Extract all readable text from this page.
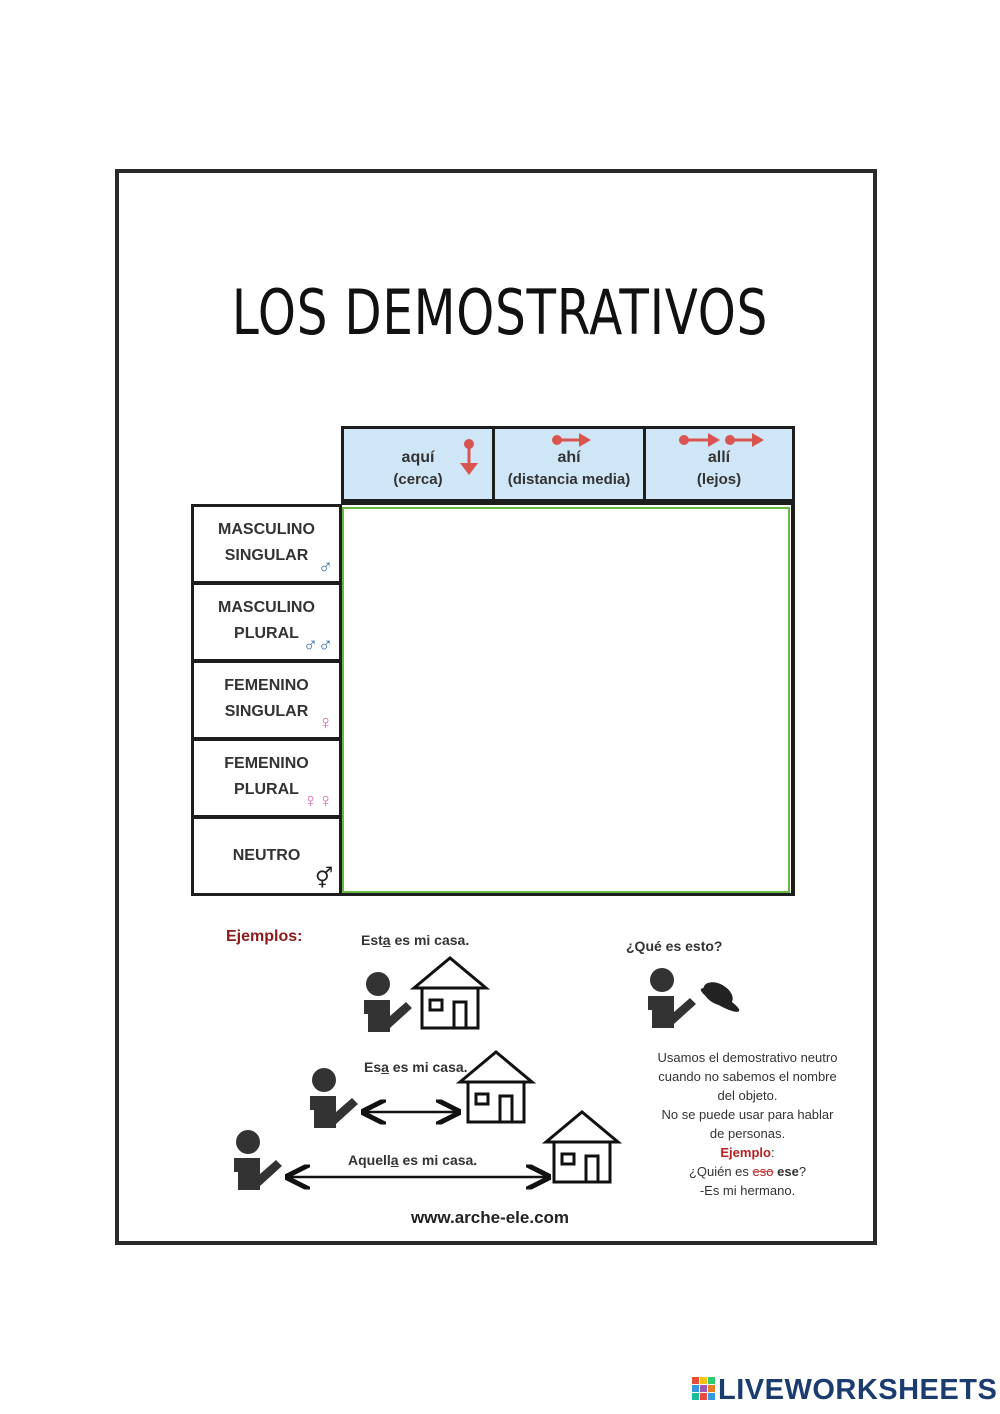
LOS DEMOSTRATIVOS
aquí
(cerca)
ahí
(distancia media)
allí
(lejos)
MASCULINO
SINGULAR
♂
MASCULINO
PLURAL
♂♂
FEMENINO
SINGULAR
♀
FEMENINO
PLURAL
♀♀
NEUTRO
⚥
Ejemplos:	Esta es mi casa.
Esa es mi casa.
Aquella es mi casa.
¿Qué es esto?
Usamos el demostrativo neutro
cuando no sabemos el nombre
del objeto.
No se puede usar para hablar
de personas.
Ejemplo:
¿Quién es eso ese?
-Es mi hermano.
www.arche-ele.com
LIVEWORKSHEETS
